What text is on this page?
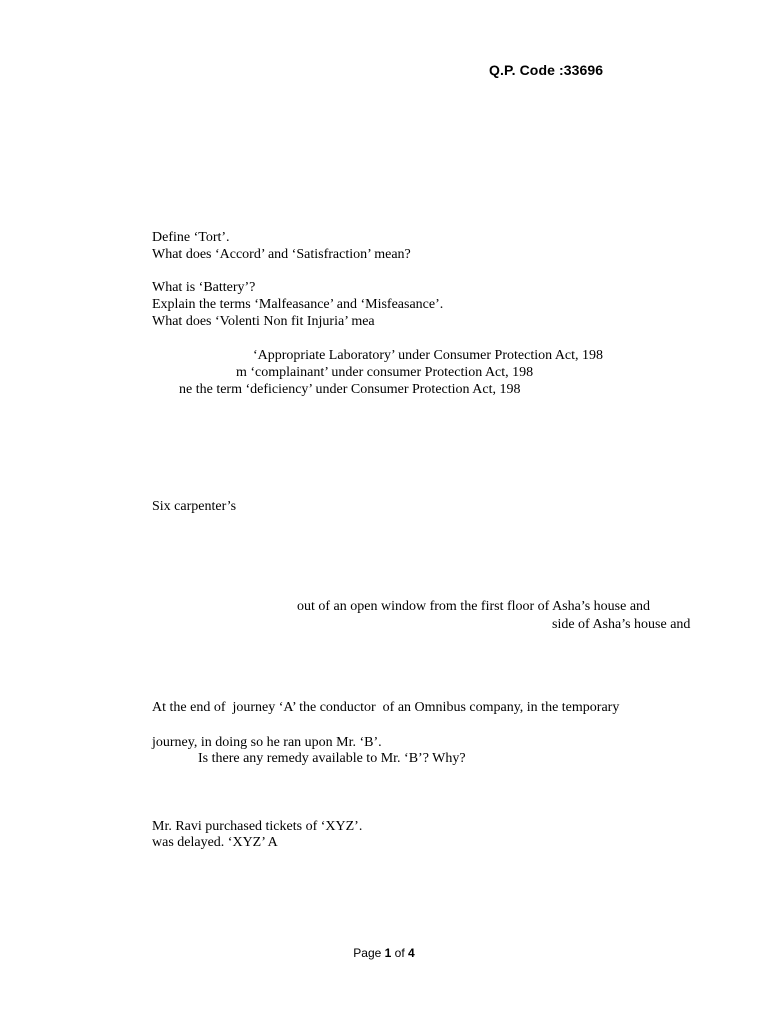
Q.P. Code :33696
Define ‘Tort’.
What does ‘Accord’ and ‘Satisfraction’ mean?
What is ‘Battery’?
Explain the terms ‘Malfeasance’ and ‘Misfeasance’.
What does ‘Volenti Non fit Injuria’ mea
‘Appropriate Laboratory’ under Consumer Protection Act, 198
m ‘complainant’ under consumer Protection Act, 198
ne the term ‘deficiency’ under Consumer Protection Act, 198
Six carpenter’s
out of an open window from the first floor of Asha’s house and
side of Asha’s house and
At the end of  journey ‘A’ the conductor  of an Omnibus company, in the temporary
journey, in doing so he ran upon Mr. ‘B’.
Is there any remedy available to Mr. ‘B’? Why?
Mr. Ravi purchased tickets of ‘XYZ’.
was delayed. ‘XYZ’ A
Page 1 of 4
